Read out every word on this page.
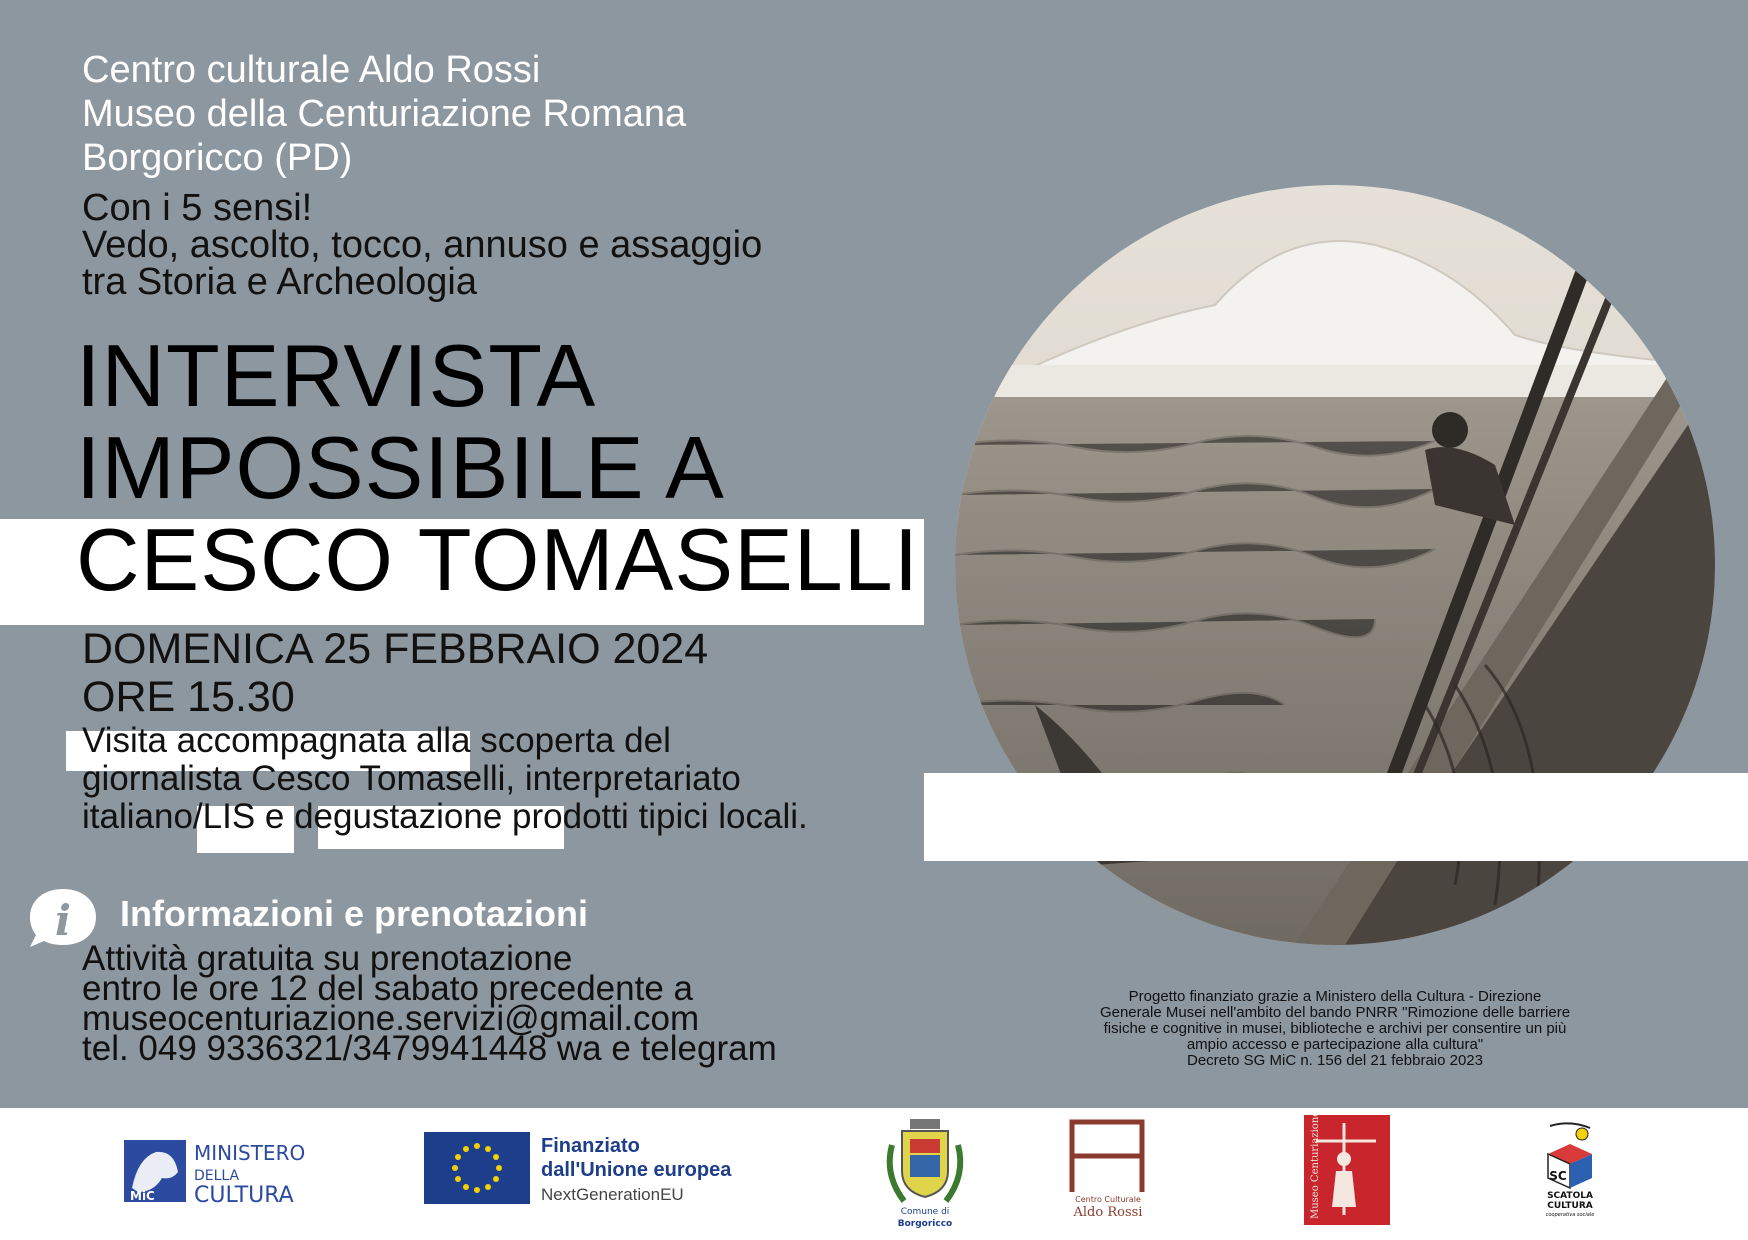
Centro culturale Aldo Rossi
Museo della Centuriazione Romana
Borgoricco (PD)
Con i 5 sensi!
Vedo, ascolto, tocco, annuso e assaggio
tra Storia e Archeologia
INTERVISTA
IMPOSSIBILE A
CESCO TOMASELLI
DOMENICA 25 FEBBRAIO 2024
ORE 15.30
Visita accompagnata alla scoperta del
giornalista Cesco Tomaselli, interpretariato
italiano/LIS e degustazione prodotti tipici locali.
i Informazioni e prenotazioni
Attività gratuita su prenotazione
entro le ore 12 del sabato precedente a
museocenturiazione.servizi@gmail.com
tel. 049 9336321/3479941448 wa e telegram
Progetto finanziato grazie a Ministero della Cultura - Direzione
Generale Musei nell'ambito del bando PNRR "Rimozione delle barriere
fisiche e cognitive in musei, biblioteche e archivi per consentire un più
ampio accesso e partecipazione alla cultura"
Decreto SG MiC n. 156 del 21 febbraio 2023
MiC
MINISTERO
DELLA
CULTURA
Finanziato
dall'Unione europea
NextGenerationEU
Comune di
Borgoricco
Centro Culturale
Aldo Rossi	Museo Centuriazione Romana	SC
SCATOLA
CULTURA
cooperativa sociale
